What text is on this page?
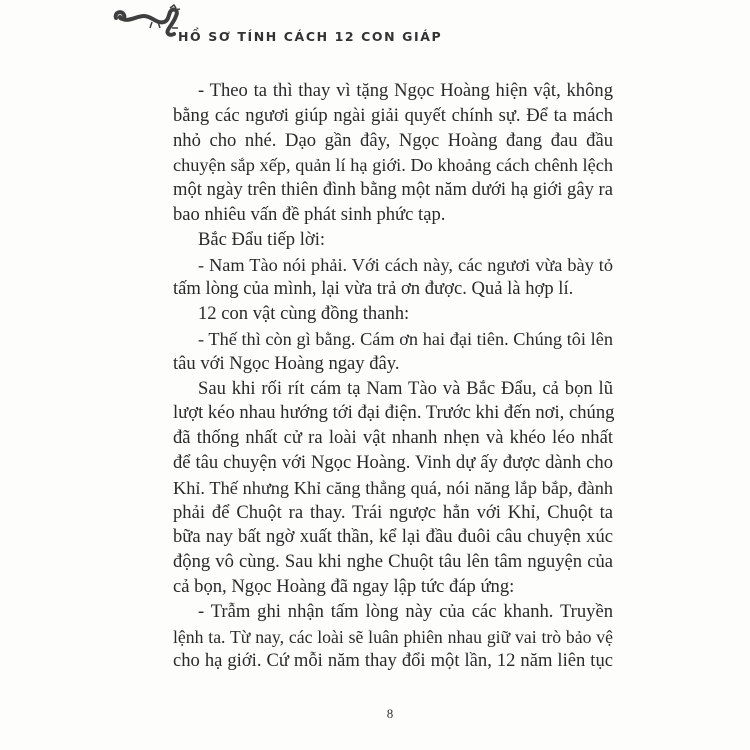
HỒ SƠ TÍNH CÁCH 12 CON GIÁP
- Theo ta thì thay vì tặng Ngọc Hoàng hiện vật, không
bằng các ngươi giúp ngài giải quyết chính sự. Để ta mách
nhỏ cho nhé. Dạo gần đây, Ngọc Hoàng đang đau đầu
chuyện sắp xếp, quản lí hạ giới. Do khoảng cách chênh lệch
một ngày trên thiên đình bằng một năm dưới hạ giới gây ra
bao nhiêu vấn đề phát sinh phức tạp.
Bắc Đẩu tiếp lời:
- Nam Tào nói phải. Với cách này, các ngươi vừa bày tỏ
tấm lòng của mình, lại vừa trả ơn được. Quả là hợp lí.
12 con vật cùng đồng thanh:
- Thế thì còn gì bằng. Cám ơn hai đại tiên. Chúng tôi lên
tâu với Ngọc Hoàng ngay đây.
Sau khi rối rít cám tạ Nam Tào và Bắc Đẩu, cả bọn lũ
lượt kéo nhau hướng tới đại điện. Trước khi đến nơi, chúng
đã thống nhất cử ra loài vật nhanh nhẹn và khéo léo nhất
để tâu chuyện với Ngọc Hoàng. Vinh dự ấy được dành cho
Khỉ. Thế nhưng Khỉ căng thẳng quá, nói năng lắp bắp, đành
phải để Chuột ra thay. Trái ngược hẳn với Khỉ, Chuột ta
bữa nay bất ngờ xuất thần, kể lại đầu đuôi câu chuyện xúc
động vô cùng. Sau khi nghe Chuột tâu lên tâm nguyện của
cả bọn, Ngọc Hoàng đã ngay lập tức đáp ứng:
- Trẫm ghi nhận tấm lòng này của các khanh. Truyền
lệnh ta. Từ nay, các loài sẽ luân phiên nhau giữ vai trò bảo vệ
cho hạ giới. Cứ mỗi năm thay đổi một lần, 12 năm liên tục
8
